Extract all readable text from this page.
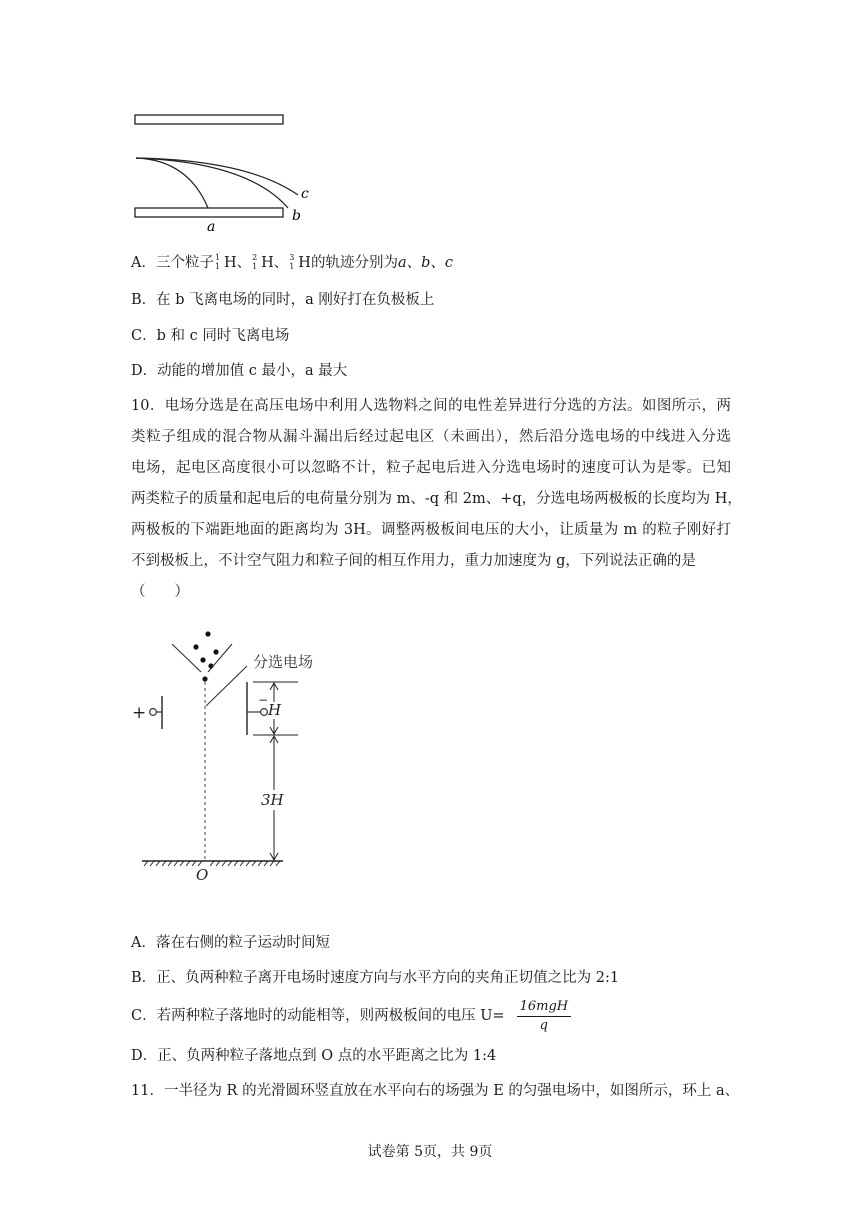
a
b
c
A．三个粒子 1
1 H、 2
1 H、 3
1 H的轨迹分别为a、b、c
B．在 b 飞离电场的同时，a 刚好打在负极板上
C．b 和 c 同时飞离电场
D．动能的增加值 c 最小，a 最大
10．电场分选是在高压电场中利用人选物料之间的电性差异进行分选的方法。如图所示，两
类粒子组成的混合物从漏斗漏出后经过起电区（未画出），然后沿分选电场的中线进入分选
电场，起电区高度很小可以忽略不计，粒子起电后进入分选电场时的速度可认为是零。已知
两类粒子的质量和起电后的电荷量分别为 m、-q 和 2m、+q，分选电场两极板的长度均为 H，
两极板的下端距地面的距离均为 3H。调整两极板间电压的大小，让质量为 m 的粒子刚好打
不到极板上，不计空气阻力和粒子间的相互作用力，重力加速度为 g，下列说法正确的是
（　　）
分选电场
+
−
H
3H
O
A．落在右侧的粒子运动时间短
B．正、负两种粒子离开电场时速度方向与水平方向的夹角正切值之比为 2:1
C．若两种粒子落地时的动能相等，则两极板间的电压 $U= \frac{\text{16mgH}}{q}$
D．正、负两种粒子落地点到 O 点的水平距离之比为 1:4
11．一半径为 R 的光滑圆环竖直放在水平向右的场强为 E 的匀强电场中，如图所示，环上 a、
试卷第 5页，共 9页
